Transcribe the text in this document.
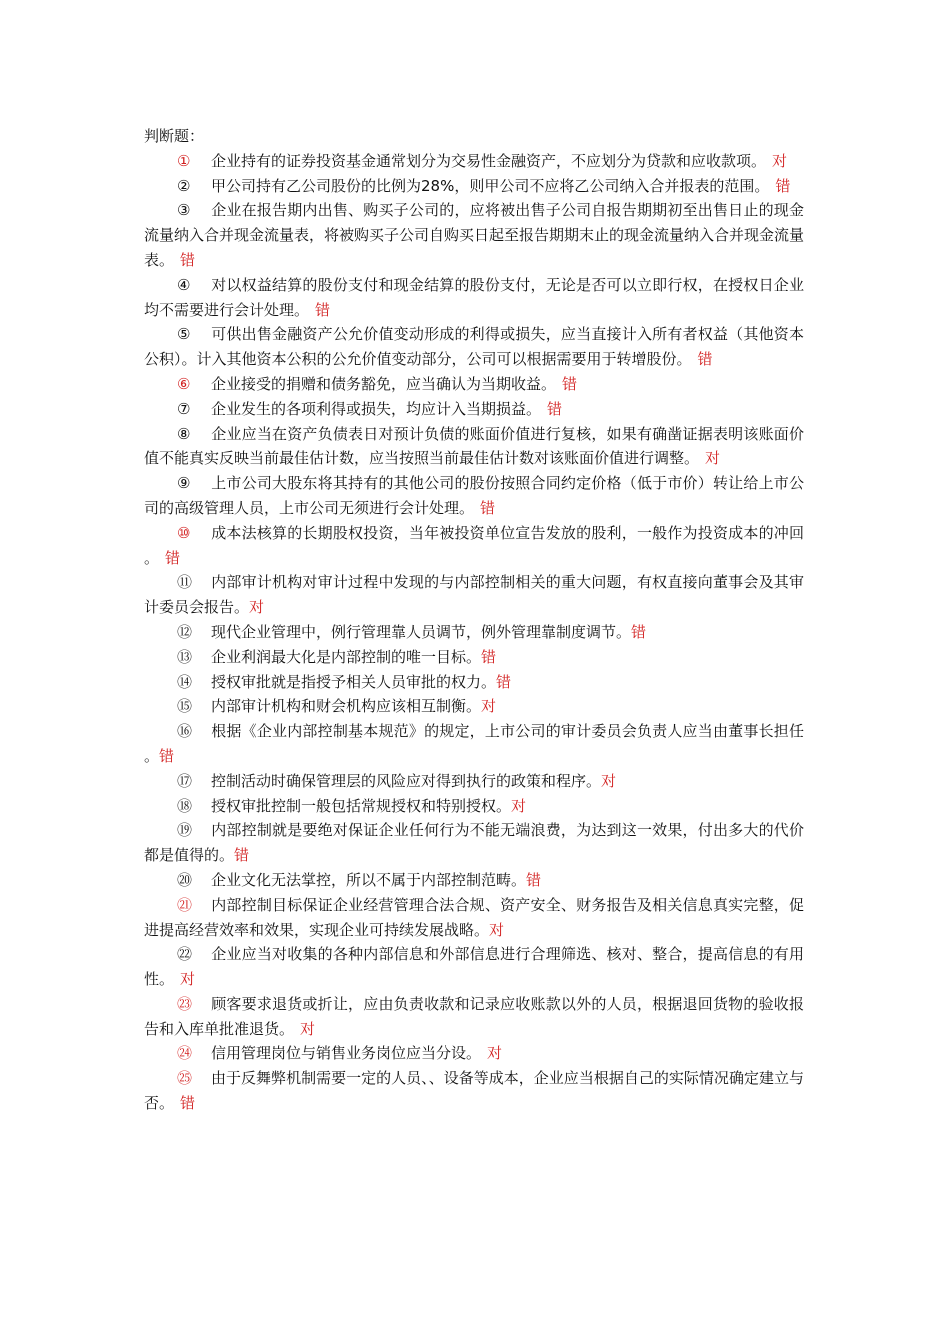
判断题：
① 企业持有的证券投资基金通常划分为交易性金融资产，不应划分为贷款和应收款项。 对
② 甲公司持有乙公司股份的比例为28%，则甲公司不应将乙公司纳入合并报表的范围。 错
③ 企业在报告期内出售、购买子公司的，应将被出售子公司自报告期期初至出售日止的现金流量纳入合并现金流量表，将被购买子公司自购买日起至报告期期末止的现金流量纳入合并现金流量表。 错
④ 对以权益结算的股份支付和现金结算的股份支付，无论是否可以立即行权，在授权日企业均不需要进行会计处理。 错
⑤ 可供出售金融资产公允价值变动形成的利得或损失，应当直接计入所有者权益（其他资本公积）。计入其他资本公积的公允价值变动部分，公司可以根据需要用于转增股份。 错
⑥ 企业接受的捐赠和债务豁免，应当确认为当期收益。 错
⑦ 企业发生的各项利得或损失，均应计入当期损益。 错
⑧ 企业应当在资产负债表日对预计负债的账面价值进行复核，如果有确凿证据表明该账面价值不能真实反映当前最佳估计数，应当按照当前最佳估计数对该账面价值进行调整。 对
⑨ 上市公司大股东将其持有的其他公司的股份按照合同约定价格（低于市价）转让给上市公司的高级管理人员，上市公司无须进行会计处理。 错
⑩ 成本法核算的长期股权投资，当年被投资单位宣告发放的股利，一般作为投资成本的冲回。 错
⑪ 内部审计机构对审计过程中发现的与内部控制相关的重大问题，有权直接向董事会及其审计委员会报告。对
⑫ 现代企业管理中，例行管理靠人员调节，例外管理靠制度调节。错
⑬ 企业利润最大化是内部控制的唯一目标。错
⑭ 授权审批就是指授予相关人员审批的权力。错
⑮ 内部审计机构和财会机构应该相互制衡。对
⑯ 根据《企业内部控制基本规范》的规定，上市公司的审计委员会负责人应当由董事长担任。错
⑰ 控制活动时确保管理层的风险应对得到执行的政策和程序。对
⑱ 授权审批控制一般包括常规授权和特别授权。对
⑲ 内部控制就是要绝对保证企业任何行为不能无端浪费，为达到这一效果，付出多大的代价都是值得的。错
⑳ 企业文化无法掌控，所以不属于内部控制范畴。错
㉑ 内部控制目标保证企业经营管理合法合规、资产安全、财务报告及相关信息真实完整，促进提高经营效率和效果，实现企业可持续发展战略。对
㉒ 企业应当对收集的各种内部信息和外部信息进行合理筛选、核对、整合，提高信息的有用性。 对
㉓ 顾客要求退货或折让，应由负责收款和记录应收账款以外的人员，根据退回货物的验收报告和入库单批准退货。 对
㉔ 信用管理岗位与销售业务岗位应当分设。 对
㉕ 由于反舞弊机制需要一定的人员、、设备等成本，企业应当根据自己的实际情况确定建立与否。 错
